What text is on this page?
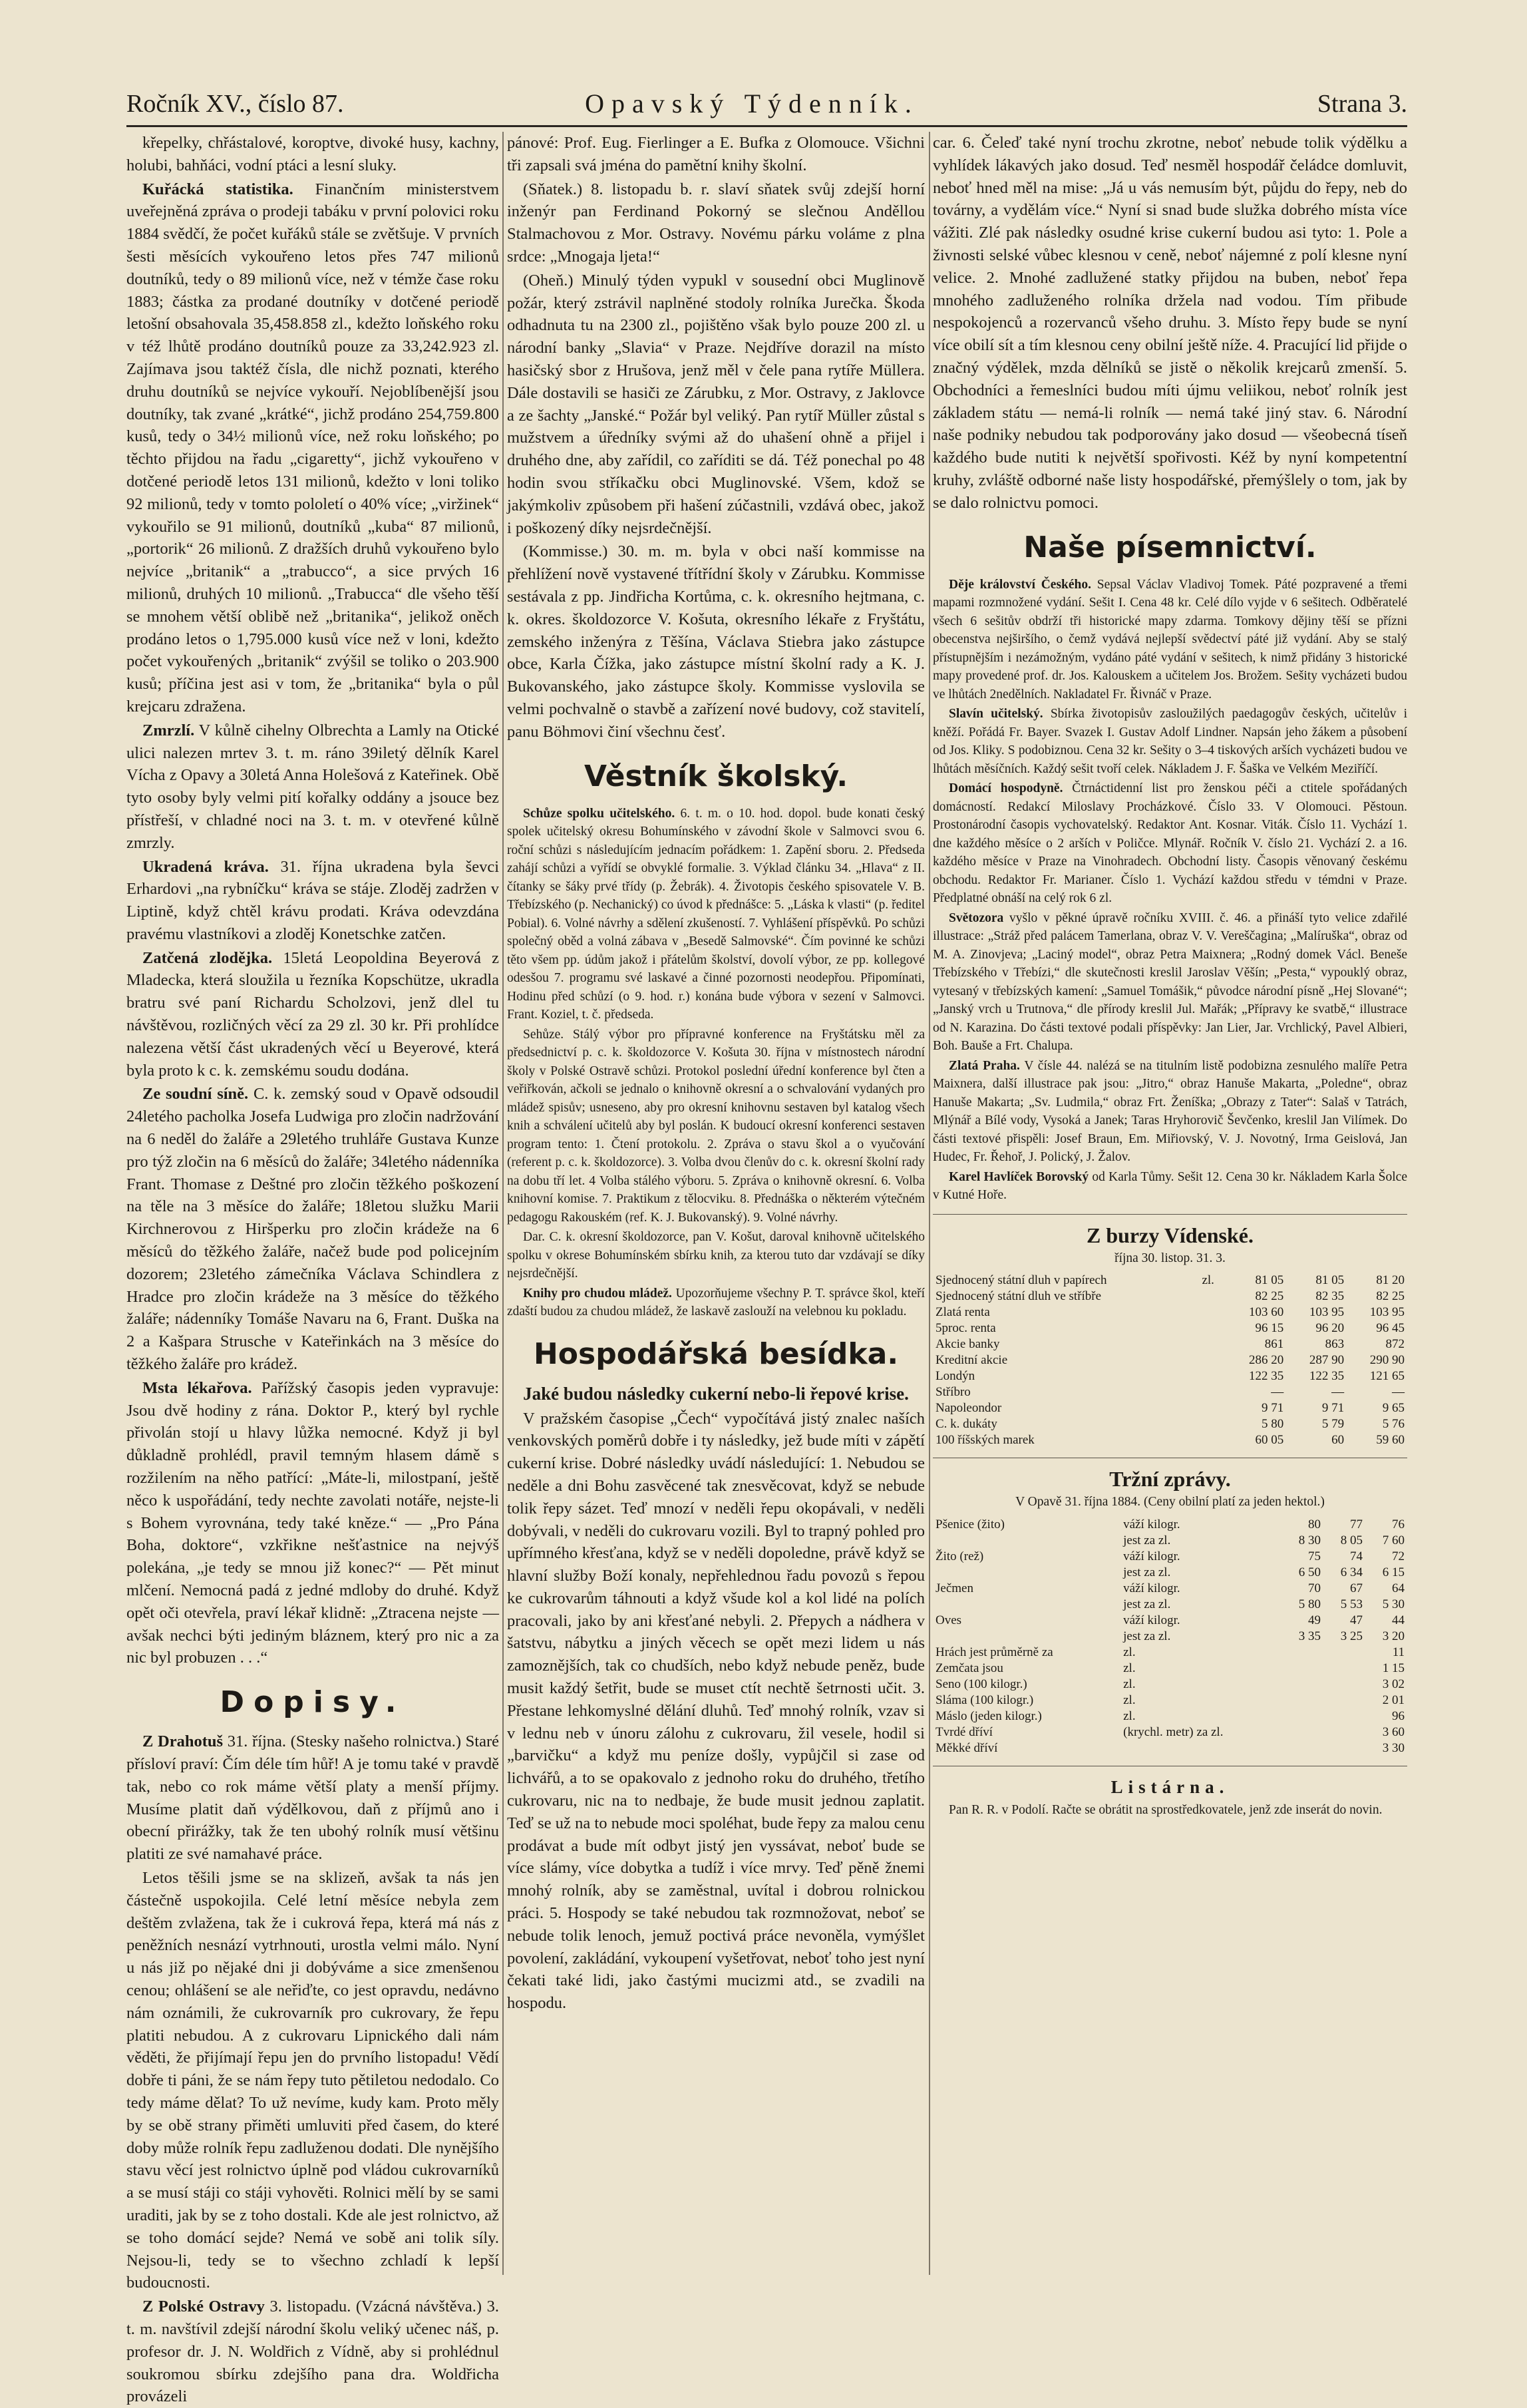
Ročník XV., číslo 87.	Opavský Týdenník.	Strana 3.

křepelky, chřástalové, koroptve, divoké husy, kachny, holubi, bahňáci, vodní ptáci a lesní sluky.

Kuřácká statistika. Finančním ministerstvem uveřejněná zpráva o prodeji tabáku v první polovici roku 1884 svědčí, že počet kuřáků stále se zvětšuje. V prvních šesti měsících vykouřeno letos přes 747 milionů doutníků, tedy o 89 milionů více, než v témže čase roku 1883; částka za prodané doutníky v dotčené periodě letošní obsahovala 35,458.858 zl., kdežto loňského roku v též lhůtě prodáno doutníků pouze za 33,242.923 zl. Zajímava jsou taktéž čísla, dle nichž poznati, kterého druhu doutníků se nejvíce vykouří. Nejoblíbenější jsou doutníky, tak zvané „krátké“, jichž prodáno 254,759.800 kusů, tedy o 34½ milionů více, než roku loňského; po těchto přijdou na řadu „cigaretty“, jichž vykouřeno v dotčené periodě letos 131 milionů, kdežto v loni toliko 92 milionů, tedy v tomto pololetí o 40% více; „viržinek“ vykouřilo se 91 milionů, doutníků „kuba“ 87 milionů, „portorik“ 26 milionů. Z dražších druhů vykouřeno bylo nejvíce „britanik“ a „trabucco“, a sice prvých 16 milionů, druhých 10 milionů. „Trabucca“ dle všeho těší se mnohem větší oblibě než „britanika“, jelikož oněch prodáno letos o 1,795.000 kusů více než v loni, kdežto počet vykouřených „britanik“ zvýšil se toliko o 203.900 kusů; příčina jest asi v tom, že „britanika“ byla o půl krejcaru zdražena.

Zmrzlí. V kůlně cihelny Olbrechta a Lamly na Otické ulici nalezen mrtev 3. t. m. ráno 39iletý dělník Karel Vícha z Opavy a 30letá Anna Holešová z Kateřinek. Obě tyto osoby byly velmi pití kořalky oddány a jsouce bez přístřeší, v chladné noci na 3. t. m. v otevřené kůlně zmrzly.

Ukradená kráva. 31. října ukradena byla ševci Erhardovi „na rybníčku“ kráva se stáje. Zloděj zadržen v Liptině, když chtěl krávu prodati. Kráva odevzdána pravému vlastníkovi a zloděj Konetschke zatčen.

Zatčená zlodějka. 15letá Leopoldina Beyerová z Mladecka, která sloužila u řezníka Kopschütze, ukradla bratru své paní Richardu Scholzovi, jenž dlel tu návštěvou, rozličných věcí za 29 zl. 30 kr. Při prohlídce nalezena větší část ukradených věcí u Beyerové, která byla proto k c. k. zemskému soudu dodána.

Ze soudní síně. C. k. zemský soud v Opavě odsoudil 24letého pacholka Josefa Ludwiga pro zločin nadržování na 6 neděl do žaláře a 29letého truhláře Gustava Kunze pro týž zločin na 6 měsíců do žaláře; 34letého nádenníka Frant. Thomase z Deštné pro zločin těžkého poškození na těle na 3 měsíce do žaláře; 18letou služku Marii Kirchnerovou z Hiršperku pro zločin krádeže na 6 měsíců do těžkého žaláře, načež bude pod policejním dozorem; 23letého zámečníka Václava Schindlera z Hradce pro zločin krádeže na 3 měsíce do těžkého žaláře; nádenníky Tomáše Navaru na 6, Frant. Duška na 2 a Kašpara Strusche v Kateřinkách na 3 měsíce do těžkého žaláře pro krádež.

Msta lékařova. Pařížský časopis jeden vypravuje: Jsou dvě hodiny z rána. Doktor P., který byl rychle přivolán stojí u hlavy lůžka nemocné. Když ji byl důkladně prohlédl, pravil temným hlasem dámě s rozžilením na něho patřící: „Máte-li, milostpaní, ještě něco k uspořádání, tedy nechte zavolati notáře, nejste-li s Bohem vyrovnána, tedy také kněze.“ — „Pro Pána Boha, doktore“, vzkřikne nešťastnice na nejvýš polekána, „je tedy se mnou již konec?“ — Pět minut mlčení. Nemocná padá z jedné mdloby do druhé. Když opět oči otevřela, praví lékař klidně: „Ztracena nejste — avšak nechci býti jediným bláznem, který pro nic a za nic byl probuzen . . .“

Dopisy.

Z Drahotuš 31. října. (Stesky našeho rolnictva.) Staré přísloví praví: Čím déle tím hůř! A je tomu také v pravdě tak, nebo co rok máme větší platy a menší příjmy. Musíme platit daň výdělkovou, daň z příjmů ano i obecní přirážky, tak že ten ubohý rolník musí většinu platiti ze své namahavé práce.

Letos těšili jsme se na sklizeň, avšak ta nás jen částečně uspokojila. Celé letní měsíce nebyla zem deštěm zvlažena, tak že i cukrová řepa, která má nás z peněžních nesnází vytrhnouti, urostla velmi málo. Nyní u nás již po nějaké dni ji dobýváme a sice zmenšenou cenou; ohlášení se ale neřiďte, co jest opravdu, nedávno nám oznámili, že cukrovarník pro cukrovary, že řepu platiti nebudou. A z cukrovaru Lipnického dali nám věděti, že přijímají řepu jen do prvního listopadu! Vědí dobře ti páni, že se nám řepy tuto pětiletou nedodalo. Co tedy máme dělat? To už nevíme, kudy kam. Proto měly by se obě strany přiměti umluviti před časem, do které doby může rolník řepu zadluženou dodati. Dle nynějšího stavu věcí jest rolnictvo úplně pod vládou cukrovarníků a se musí stáji co stáji vyhověti. Rolnici mělí by se sami uraditi, jak by se z toho dostali. Kde ale jest rolnictvo, až se toho domácí sejde? Nemá ve sobě ani tolik síly. Nejsou-li, tedy se to všechno zchladí k lepší budoucnosti.

Z Polské Ostravy 3. listopadu. (Vzácná návštěva.) 3. t. m. navštívil zdejší národní školu veliký učenec náš, p. profesor dr. J. N. Woldřich z Vídně, aby si prohlédnul soukromou sbírku zdejšího pana dra. Woldřicha provázeli

pánové: Prof. Eug. Fierlinger a E. Bufka z Olomouce. Všichni tři zapsali svá jména do pamětní knihy školní.

(Sňatek.) 8. listopadu b. r. slaví sňatek svůj zdejší horní inženýr pan Ferdinand Pokorný se slečnou Anděllou Stalmachovou z Mor. Ostravy. Novému párku voláme z plna srdce: „Mnogaja ljeta!“

(Oheň.) Minulý týden vypukl v sousední obci Muglinově požár, který zstrávil naplněné stodoly rolníka Jurečka. Škoda odhadnuta tu na 2300 zl., pojištěno však bylo pouze 200 zl. u národní banky „Slavia“ v Praze. Nejdříve dorazil na místo hasičský sbor z Hrušova, jenž měl v čele pana rytíře Müllera. Dále dostavili se hasiči ze Zárubku, z Mor. Ostravy, z Jaklovce a ze šachty „Janské.“ Požár byl veliký. Pan rytíř Müller zůstal s mužstvem a úředníky svými až do uhašení ohně a přijel i druhého dne, aby zařídil, co zaříditi se dá. Též ponechal po 48 hodin svou stříkačku obci Muglinovské. Všem, kdož se jakýmkoliv způsobem při hašení zúčastnili, vzdává obec, jakož i poškozený díky nejsrdečnější.

(Kommisse.) 30. m. m. byla v obci naší kommisse na přehlížení nově vystavené třítřídní školy v Zárubku. Kommisse sestávala z pp. Jindřicha Kortůma, c. k. okresního hejtmana, c. k. okres. školdozorce V. Košuta, okresního lékaře z Fryštátu, zemského inženýra z Těšína, Václava Stiebra jako zástupce obce, Karla Čížka, jako zástupce místní školní rady a K. J. Bukovanského, jako zástupce školy. Kommisse vyslovila se velmi pochvalně o stavbě a zařízení nové budovy, což stavitelí, panu Böhmovi činí všechnu česť.

Věstník školský.

Schůze spolku učitelského. 6. t. m. o 10. hod. dopol. bude konati český spolek učitelský okresu Bohumínského v závodní škole v Salmovci svou 6. roční schůzi s následujícím jednacím pořádkem: 1. Zapění sboru. 2. Předseda zahájí schůzi a vyřídí se obvyklé formalie. 3. Výklad článku 34. „Hlava“ z II. čítanky se šáky prvé třídy (p. Žebrák). 4. Životopis českého spisovatele V. B. Třebízského (p. Nechanický) co úvod k přednášce: 5. „Láska k vlasti“ (p. ředitel Pobial). 6. Volné návrhy a sdělení zkušeností. 7. Vyhlášení příspěvků. Po schůzi společný oběd a volná zábava v „Besedě Salmovské“. Čím povinné ke schůzi těto všem pp. údům jakož i přátelům školství, dovolí výbor, ze pp. kollegové odesšou 7. programu své laskavé a činné pozornosti neodepřou. Připomínati, Hodinu před schůzí (o 9. hod. r.) konána bude výbora v sezení v Salmovci. Frant. Koziel, t. č. předseda.

Sehůze. Stálý výbor pro přípravné konference na Fryštátsku měl za předsednictví p. c. k. školdozorce V. Košuta 30. října v místnostech národní školy v Polské Ostravě schůzi. Protokol poslední úřední konference byl čten a veřiřkován, ačkoli se jednalo o knihovně okresní a o schvalování vydaných pro mládež spisův; usneseno, aby pro okresní knihovnu sestaven byl katalog všech knih a schválení učitelů aby byl poslán. K budoucí okresní konferenci sestaven program tento: 1. Čtení protokolu. 2. Zpráva o stavu škol a o vyučování (referent p. c. k. školdozorce). 3. Volba dvou členův do c. k. okresní školní rady na dobu tří let. 4 Volba stálého výboru. 5. Zpráva o knihovně okresní. 6. Volba knihovní komise. 7. Praktikum z tělocviku. 8. Přednáška o některém výtečném pedagogu Rakouském (ref. K. J. Bukovanský). 9. Volné návrhy.

Dar. C. k. okresní školdozorce, pan V. Košut, daroval knihovně učitelského spolku v okrese Bohumínském sbírku knih, za kterou tuto dar vzdávají se díky nejsrdečnější.

Knihy pro chudou mládež. Upozorňujeme všechny P. T. správce škol, kteří zdaští budou za chudou mládež, že laskavě zaslouží na velebnou ku pokladu.

Hospodářská besídka.
Jaké budou následky cukerní nebo-li řepové krise.

V pražském časopise „Čech“ vypočítává jistý znalec naších venkovských poměrů dobře i ty následky, jež bude míti v zápětí cukerní krise. Dobré následky uvádí následující: 1. Nebudou se neděle a dni Bohu zasvěcené tak znesvěcovat, když se nebude tolik řepy sázet. Teď mnozí v neděli řepu okopávali, v neděli dobývali, v neděli do cukrovaru vozili. Byl to trapný pohled pro upřímného křesťana, když se v neděli dopoledne, právě když se hlavní služby Boží konaly, nepřehlednou řadu povozů s řepou ke cukrovarům táhnouti a když všude kol a kol lidé na polích pracovali, jako by ani křesťané nebyli. 2. Přepych a nádhera v šatstvu, nábytku a jiných věcech se opět mezi lidem u nás zamoznějších, tak co chudších, nebo když nebude peněz, bude musit každý šetřit, bude se muset ctít nechtě šetrnosti učit. 3. Přestane lehkomyslné dělání dluhů. Teď mnohý rolník, vzav si v lednu neb v únoru zálohu z cukrovaru, žil vesele, hodil si „barvičku“ a když mu peníze došly, vypůjčil si zase od lichvářů, a to se opakovalo z jednoho roku do druhého, třetího cukrovaru, nic na to nedbaje, že bude musit jednou zaplatit. Teď se už na to nebude moci spoléhat, bude řepy za malou cenu prodávat a bude mít odbyt jistý jen vyssávat, neboť bude se více slámy, více dobytka a tudíž i více mrvy. Teď pěně žnemi mnohý rolník, aby se zaměstnal, uvítal i dobrou rolnickou práci. 5. Hospody se také nebudou tak rozmnožovat, neboť se nebude tolik lenoch, jemuž poctivá práce nevoněla, vymýšlet povolení, zakládání, vykoupení vyšetřovat, neboť toho jest nyní čekati také lidi, jako častými mucizmi atd., se zvadili na hospodu.

car. 6. Čeleď také nyní trochu zkrotne, neboť nebude tolik výdělku a vyhlídek lákavých jako dosud. Teď nesměl hospodář čeládce domluvit, neboť hned měl na mise: „Já u vás nemusím být, půjdu do řepy, neb do továrny, a vydělám více.“ Nyní si snad bude služka dobrého místa více vážiti. Zlé pak následky osudné krise cukerní budou asi tyto: 1. Pole a živnosti selské vůbec klesnou v ceně, neboť nájemné z polí klesne nyní velice. 2. Mnohé zadlužené statky přijdou na buben, neboť řepa mnohého zadluženého rolníka držela nad vodou. Tím přibude nespokojenců a rozervanců všeho druhu. 3. Místo řepy bude se nyní více obilí sít a tím klesnou ceny obilní ještě níže. 4. Pracující lid přijde o značný výdělek, mzda dělníků se jistě o několik krejcarů zmenší. 5. Obchodníci a řemeslníci budou míti újmu veliikou, neboť rolník jest základem státu — nemá-li rolník — nemá také jiný stav. 6. Národní naše podniky nebudou tak podporovány jako dosud — všeobecná tíseň každého bude nutiti k největší spořivosti. Kéž by nyní kompetentní kruhy, zvláště odborné naše listy hospodářské, přemýšlely o tom, jak by se dalo rolnictvu pomoci.

Naše písemnictví.

Děje království Českého. Sepsal Václav Vladivoj Tomek. Páté pozpravené a třemi mapami rozmnožené vydání. Sešit I. Cena 48 kr. Celé dílo vyjde v 6 sešitech. Odběratelé všech 6 sešitův obdrží tři historické mapy zdarma. Tomkovy dějiny těší se přízni obecenstva nejširšího, o čemž vydává nejlepší svědectví páté již vydání. Aby se stalý přístupnějším i nezámožným, vydáno páté vydání v sešitech, k nimž přidány 3 historické mapy provedené prof. dr. Jos. Kalouskem a učitelem Jos. Brožem. Sešity vycházeti budou ve lhůtách 2nedělních. Nakladatel Fr. Řivnáč v Praze.

Slavín učitelský. Sbírka životopisův zasloužilých paedagogův českých, učitelův i kněží. Pořádá Fr. Bayer. Svazek I. Gustav Adolf Lindner. Napsán jeho žákem a působení od Jos. Kliky. S podobiznou. Cena 32 kr. Sešity o 3–4 tiskových arších vycházeti budou ve lhůtách měsíčních. Každý sešit tvoří celek. Nákladem J. F. Šaška ve Velkém Meziříčí.

Domácí hospodyně. Čtrnáctidenní list pro ženskou péči a ctitele spořádaných domácností. Redakcí Miloslavy Procházkové. Číslo 33. V Olomouci. Pěstoun. Prostonárodní časopis vychovatelský. Redaktor Ant. Kosnar. Viták. Číslo 11. Vychází 1. dne každého měsíce o 2 arších v Poličce. Mlynář. Ročník V. číslo 21. Vychází 2. a 16. každého měsíce v Praze na Vinohradech. Obchodní listy. Časopis věnovaný českému obchodu. Redaktor Fr. Marianer. Číslo 1. Vychází každou středu v témdni v Praze. Předplatné obnáší na celý rok 6 zl.

Světozora vyšlo v pěkné úpravě ročníku XVIII. č. 46. a přináší tyto velice zdařilé illustrace: „Stráž před palácem Tamerlana, obraz V. V. Vereščagina; „Malíruška“, obraz od M. A. Zinovjeva; „Laciný model“, obraz Petra Maixnera; „Rodný domek Václ. Beneše Třebízského v Třebízi,“ dle skutečnosti kreslil Jaroslav Věšín; „Pesta,“ vypouklý obraz, vytesaný v třebízských kamení: „Samuel Tomášik,“ původce národní písně „Hej Slované“; „Janský vrch u Trutnova,“ dle přírody kreslil Jul. Mařák; „Přípravy ke svatbě,“ illustrace od N. Karazina. Do části textové podali příspěvky: Jan Lier, Jar. Vrchlický, Pavel Albieri, Boh. Bauše a Frt. Chalupa.

Zlatá Praha. V čísle 44. nalézá se na titulním listě podobizna zesnulého malíře Petra Maixnera, další illustrace pak jsou: „Jitro,“ obraz Hanuše Makarta, „Poledne“, obraz Hanuše Makarta; „Sv. Ludmila,“ obraz Frt. Ženíška; „Obrazy z Tater“: Salaš v Tatrách, Mlýnář a Bílé vody, Vysoká a Janek; Taras Hryhorovič Ševčenko, kreslil Jan Vilímek. Do části textové přispěli: Josef Braun, Em. Miřiovský, V. J. Novotný, Irma Geislová, Jan Hudec, Fr. Řehoř, J. Polický, J. Žalov.

Karel Havlíček Borovský od Karla Tůmy. Sešit 12. Cena 30 kr. Nákladem Karla Šolce v Kutné Hoře.

Z burzy Vídenské.
října 30. listop. 31. 3.
Sjednocený státní dluh v papírech	zl.	81 05	81 05	81 20
Sjednocený státní dluh ve stříbře		82 25	82 35	82 25
Zlatá renta		103 60	103 95	103 95
5proc. renta		96 15	96 20	96 45
Akcie banky		861	863	872
Kreditní akcie		286 20	287 90	290 90
Londýn		122 35	122 35	121 65
Stříbro		—	—	—
Napoleondor		9 71	9 71	9 65
C. k. dukáty		5 80	5 79	5 76
100 říšských marek		60 05	60	59 60
Tržní zprávy.
V Opavě 31. října 1884. (Ceny obilní platí za jeden hektol.)
Pšenice (žito)	váží kilogr.	80	77	76
	jest za zl.	8 30	8 05	7 60
Žito (rež)	váží kilogr.	75	74	72
	jest za zl.	6 50	6 34	6 15
Ječmen	váží kilogr.	70	67	64
	jest za zl.	5 80	5 53	5 30
Oves	váží kilogr.	49	47	44
	jest za zl.	3 35	3 25	3 20
Hrách jest průměrně za	zl.			11
Zemčata jsou	zl.			1 15
Seno (100 kilogr.)	zl.			3 02
Sláma (100 kilogr.)	zl.			2 01
Máslo (jeden kilogr.)	zl.			96
Tvrdé dříví	(krychl. metr) za zl.			3 60
Měkké dříví				3 30
Listárna.

Pan R. R. v Podolí. Račte se obrátit na sprostředkovatele, jenž zde inserát do novin.
